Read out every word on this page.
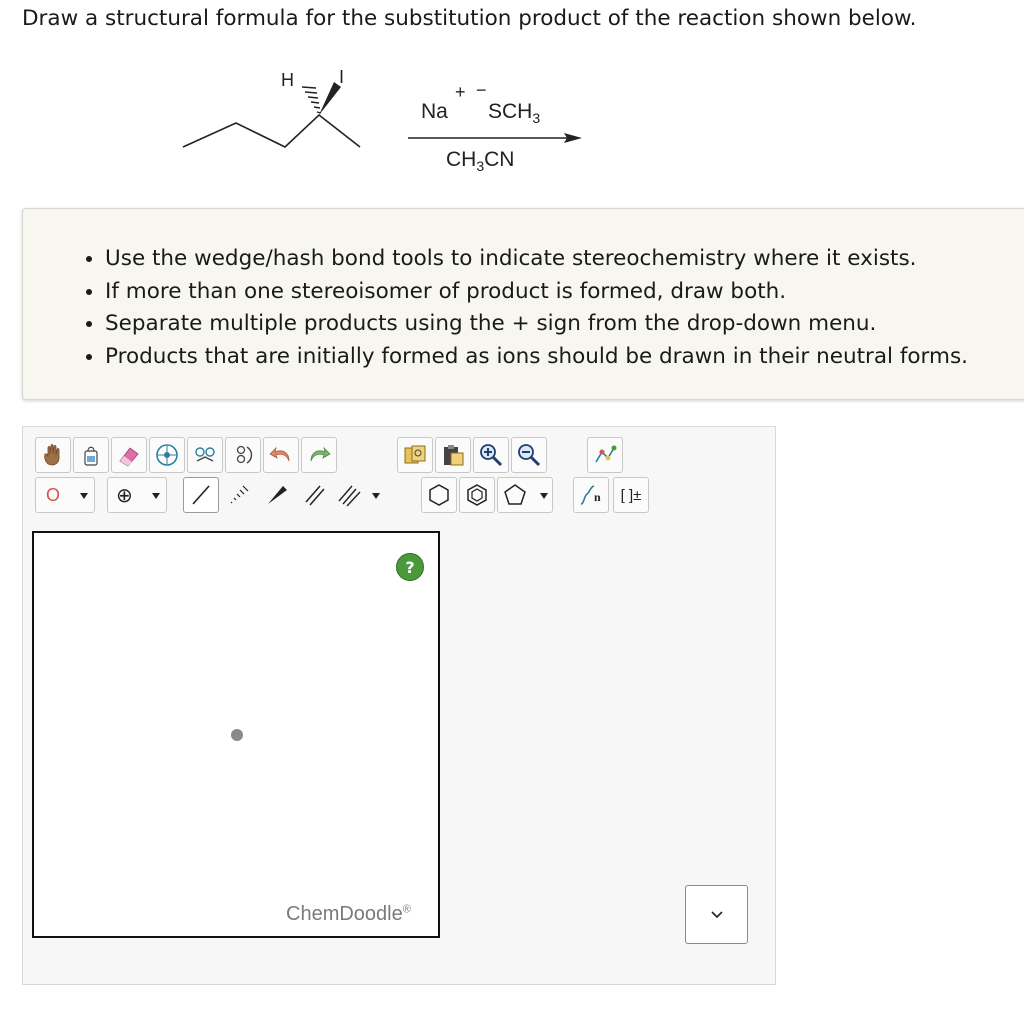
Draw a structural formula for the substitution product of the reaction shown below.
H	I
+ −
Na $SCH_3$
$CH_3CN$
• Use the wedge/hash bond tools to indicate stereochemistry where it exists.
• If more than one stereoisomer of product is formed, draw both.
• Separate multiple products using the + sign from the drop-down menu.
• Products that are initially formed as ions should be drawn in their neutral forms.
O	⊕	n [ ]±
?
ChemDoodle®
